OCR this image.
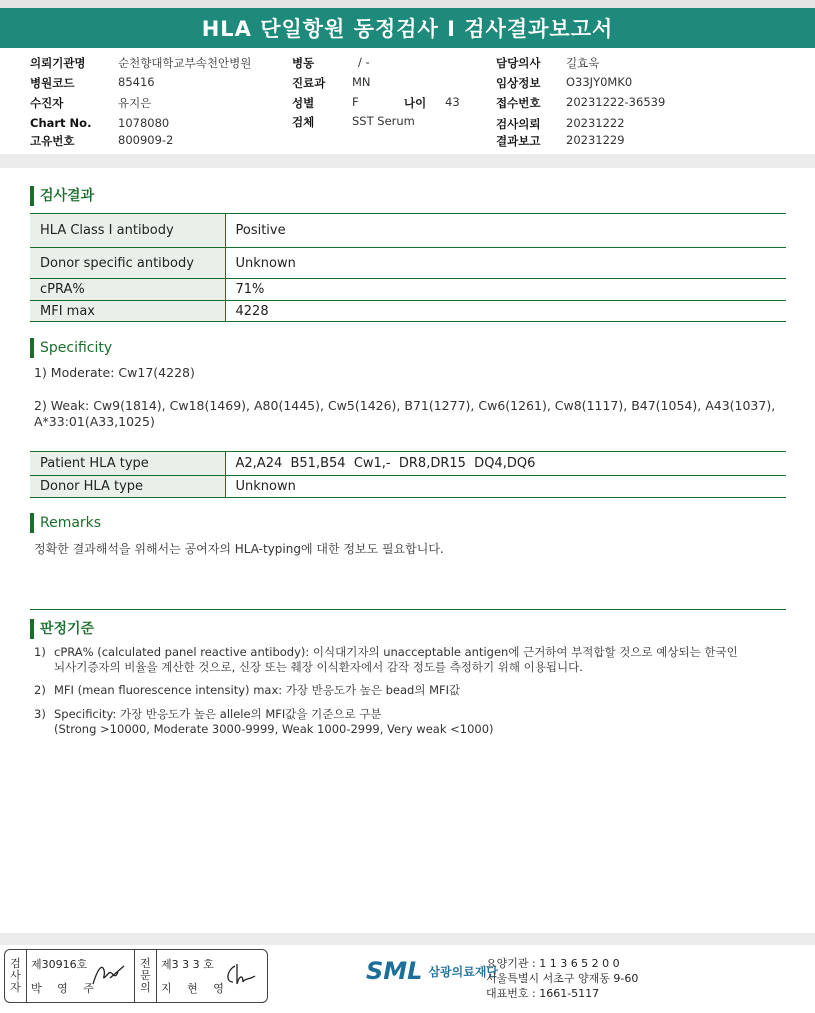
HLA 단일항원 동정검사 I 검사결과보고서
의뢰기관명	순천향대학교부속천안병원
병원코드	85416
수진자	유지은
Chart No. 1078080
고유번호	800909-2
병동	/ -
진료과 MN
성별	F	나이 43
검체	SST Serum
담당의사 길효욱
임상정보 O33JY0MK0
접수번호 20231222-36539
검사의뢰 20231222
결과보고 20231229
검사결과
HLA Class I antibody	Positive
Donor specific antibody	Unknown
cPRA%	71%
MFI max	4228
Specificity
1) Moderate: Cw17(4228)
2) Weak: Cw9(1814), Cw18(1469), A80(1445), Cw5(1426), B71(1277), Cw6(1261), Cw8(1117), B47(1054), A43(1037),
A*33:01(A33,1025)
Patient HLA type	A2,A24  B51,B54  Cw1,-  DR8,DR15  DQ4,DQ6
Donor HLA type	Unknown
Remarks
정확한 결과해석을 위해서는 공여자의 HLA-typing에 대한 정보도 필요합니다.
판정기준
1) cPRA% (calculated panel reactive antibody): 이식대기자의 unacceptable antigen에 근거하여 부적합할 것으로 예상되는 한국인
뇌사기증자의 비율을 계산한 것으로, 신장 또는 췌장 이식환자에서 감작 정도를 측정하기 위해 이용됩니다.
2) MFI (mean fluorescence intensity) max: 가장 반응도가 높은 bead의 MFI값
3) Specificity: 가장 반응도가 높은 allele의 MFI값을 기준으로 구분
(Strong >10000, Moderate 3000-9999, Weak 1000-2999, Very weak <1000)
검
사
자
제30916호
박 영 주
전
문
의
제3 3 3 호
지 현 영
SML 삼광의료재단
요양기관 : 1 1 3 6 5 2 0 0
서울특별시 서초구 양재동 9-60
대표번호 : 1661-5117
